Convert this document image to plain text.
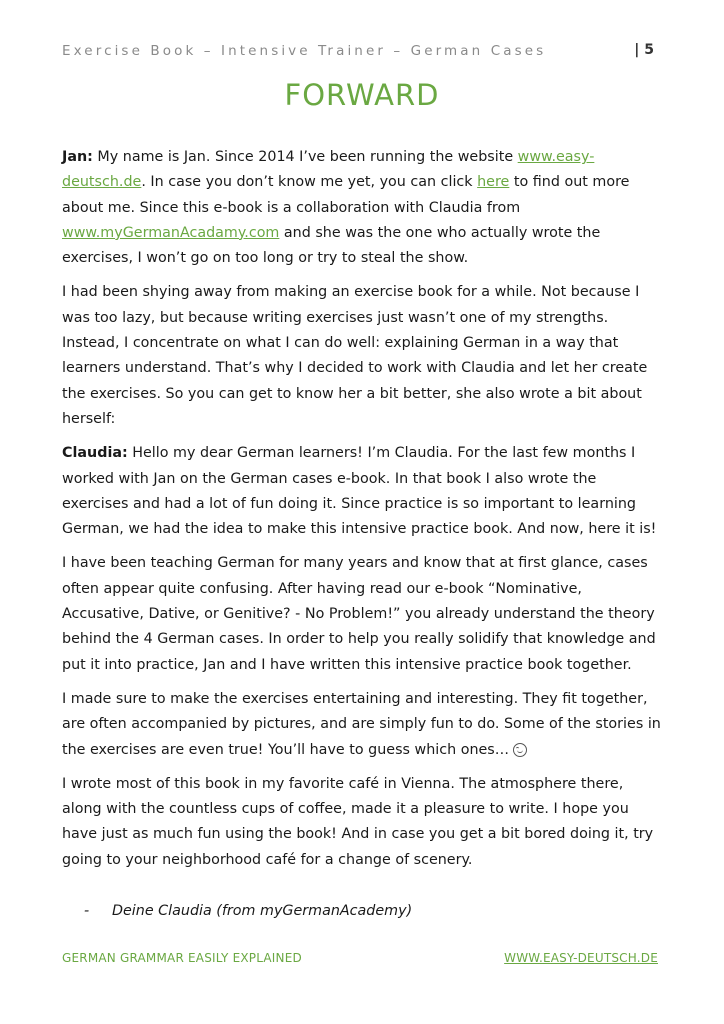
Exercise Book – Intensive Trainer – German Cases	| 5
FORWARD

Jan: My name is Jan. Since 2014 I’ve been running the website www.easy-deutsch.de. In case you don’t know me yet, you can click here to find out more about me. Since this e-book is a collaboration with Claudia from www.myGermanAcadamy.com and she was the one who actually wrote the exercises, I won’t go on too long or try to steal the show.

I had been shying away from making an exercise book for a while. Not because I was too lazy, but because writing exercises just wasn’t one of my strengths. Instead, I concentrate on what I can do well: explaining German in a way that learners understand. That’s why I decided to work with Claudia and let her create the exercises. So you can get to know her a bit better, she also wrote a bit about herself:

Claudia: Hello my dear German learners! I’m Claudia. For the last few months I worked with Jan on the German cases e-book. In that book I also wrote the exercises and had a lot of fun doing it. Since practice is so important to learning German, we had the idea to make this intensive practice book. And now, here it is!

I have been teaching German for many years and know that at first glance, cases often appear quite confusing. After having read our e-book “Nominative, Accusative, Dative, or Genitive? - No Problem!” you already understand the theory behind the 4 German cases. In order to help you really solidify that knowledge and put it into practice, Jan and I have written this intensive practice book together.

I made sure to make the exercises entertaining and interesting. They fit together, are often accompanied by pictures, and are simply fun to do. Some of the stories in the exercises are even true! You’ll have to guess which ones…

I wrote most of this book in my favorite café in Vienna. The atmosphere there, along with the countless cups of coffee, made it a pleasure to write. I hope you have just as much fun using the book! And in case you get a bit bored doing it, try going to your neighborhood café for a change of scenery.

- Deine Claudia (from myGermanAcademy)
GERMAN GRAMMAR EASILY EXPLAINED	WWW.EASY-DEUTSCH.DE
